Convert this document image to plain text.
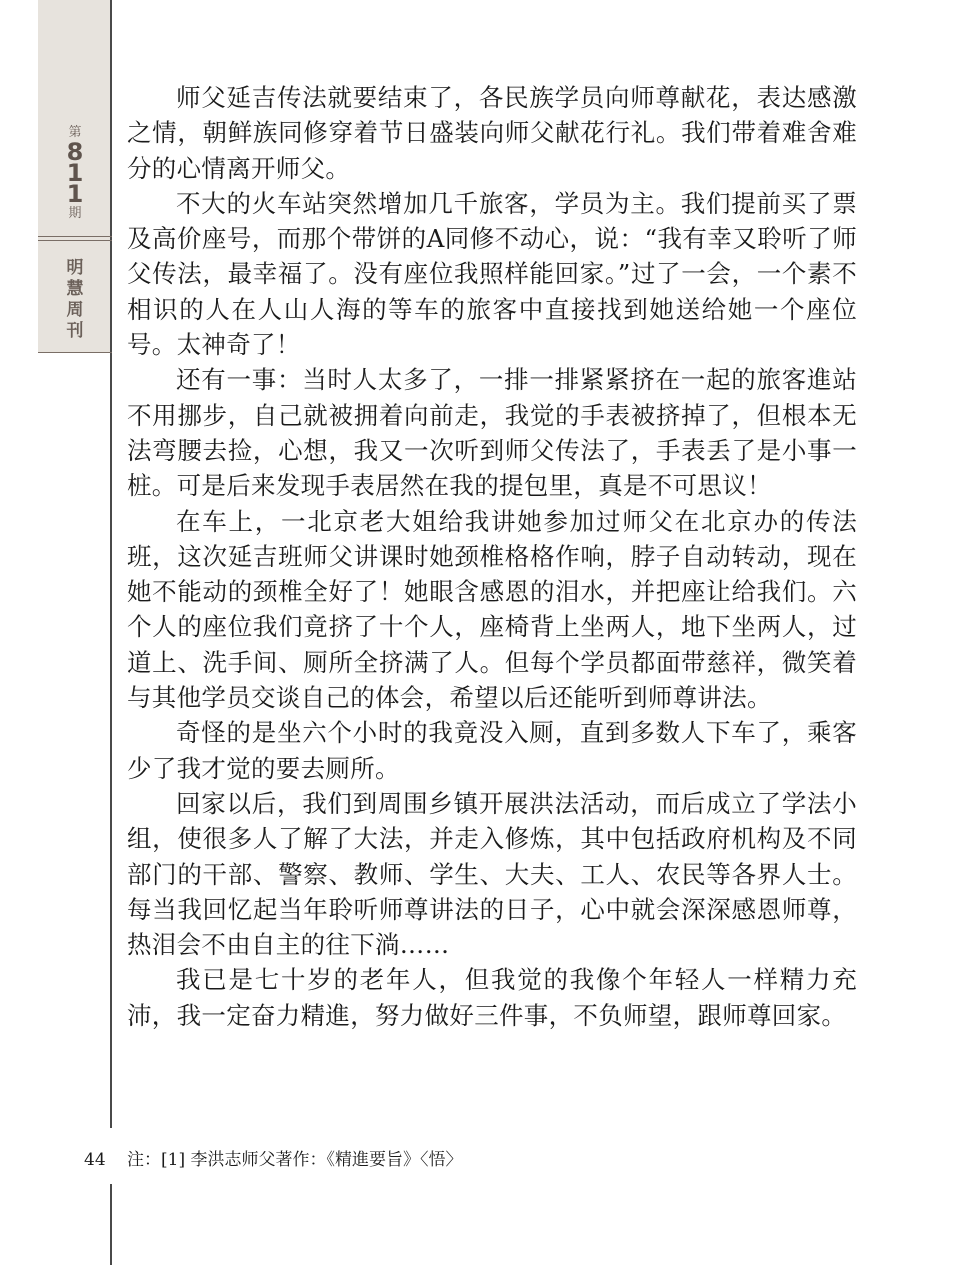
第
8
1
1
期
明
慧
周
刊

师父延吉传法就要结束了，各民族学员向师尊献花，表达感激之情，朝鲜族同修穿着节日盛装向师父献花行礼。我们带着难舍难分的心情离开师父。

不大的火车站突然增加几千旅客，学员为主。我们提前买了票及高价座号，而那个带饼的A同修不动心，说：“我有幸又聆听了师父传法，最幸福了。没有座位我照样能回家。”过了一会，一个素不相识的人在人山人海的等车的旅客中直接找到她送给她一个座位号。太神奇了！

还有一事：当时人太多了，一排一排紧紧挤在一起的旅客進站不用挪步，自己就被拥着向前走，我觉的手表被挤掉了，但根本无法弯腰去捡，心想，我又一次听到师父传法了，手表丢了是小事一桩。可是后来发现手表居然在我的提包里，真是不可思议！

在车上，一北京老大姐给我讲她参加过师父在北京办的传法班，这次延吉班师父讲课时她颈椎格格作响，脖子自动转动，现在她不能动的颈椎全好了！她眼含感恩的泪水，并把座让给我们。六个人的座位我们竟挤了十个人，座椅背上坐两人，地下坐两人，过道上、洗手间、厕所全挤满了人。但每个学员都面带慈祥，微笑着与其他学员交谈自己的体会，希望以后还能听到师尊讲法。

奇怪的是坐六个小时的我竟没入厕，直到多数人下车了，乘客少了我才觉的要去厕所。

回家以后，我们到周围乡镇开展洪法活动，而后成立了学法小组，使很多人了解了大法，并走入修炼，其中包括政府机构及不同部门的干部、警察、教师、学生、大夫、工人、农民等各界人士。每当我回忆起当年聆听师尊讲法的日子，心中就会深深感恩师尊，热泪会不由自主的往下淌……

我已是七十岁的老年人，但我觉的我像个年轻人一样精力充沛，我一定奋力精進，努力做好三件事，不负师望，跟师尊回家。

44 注：[1] 李洪志师父著作：《精進要旨》〈悟〉
